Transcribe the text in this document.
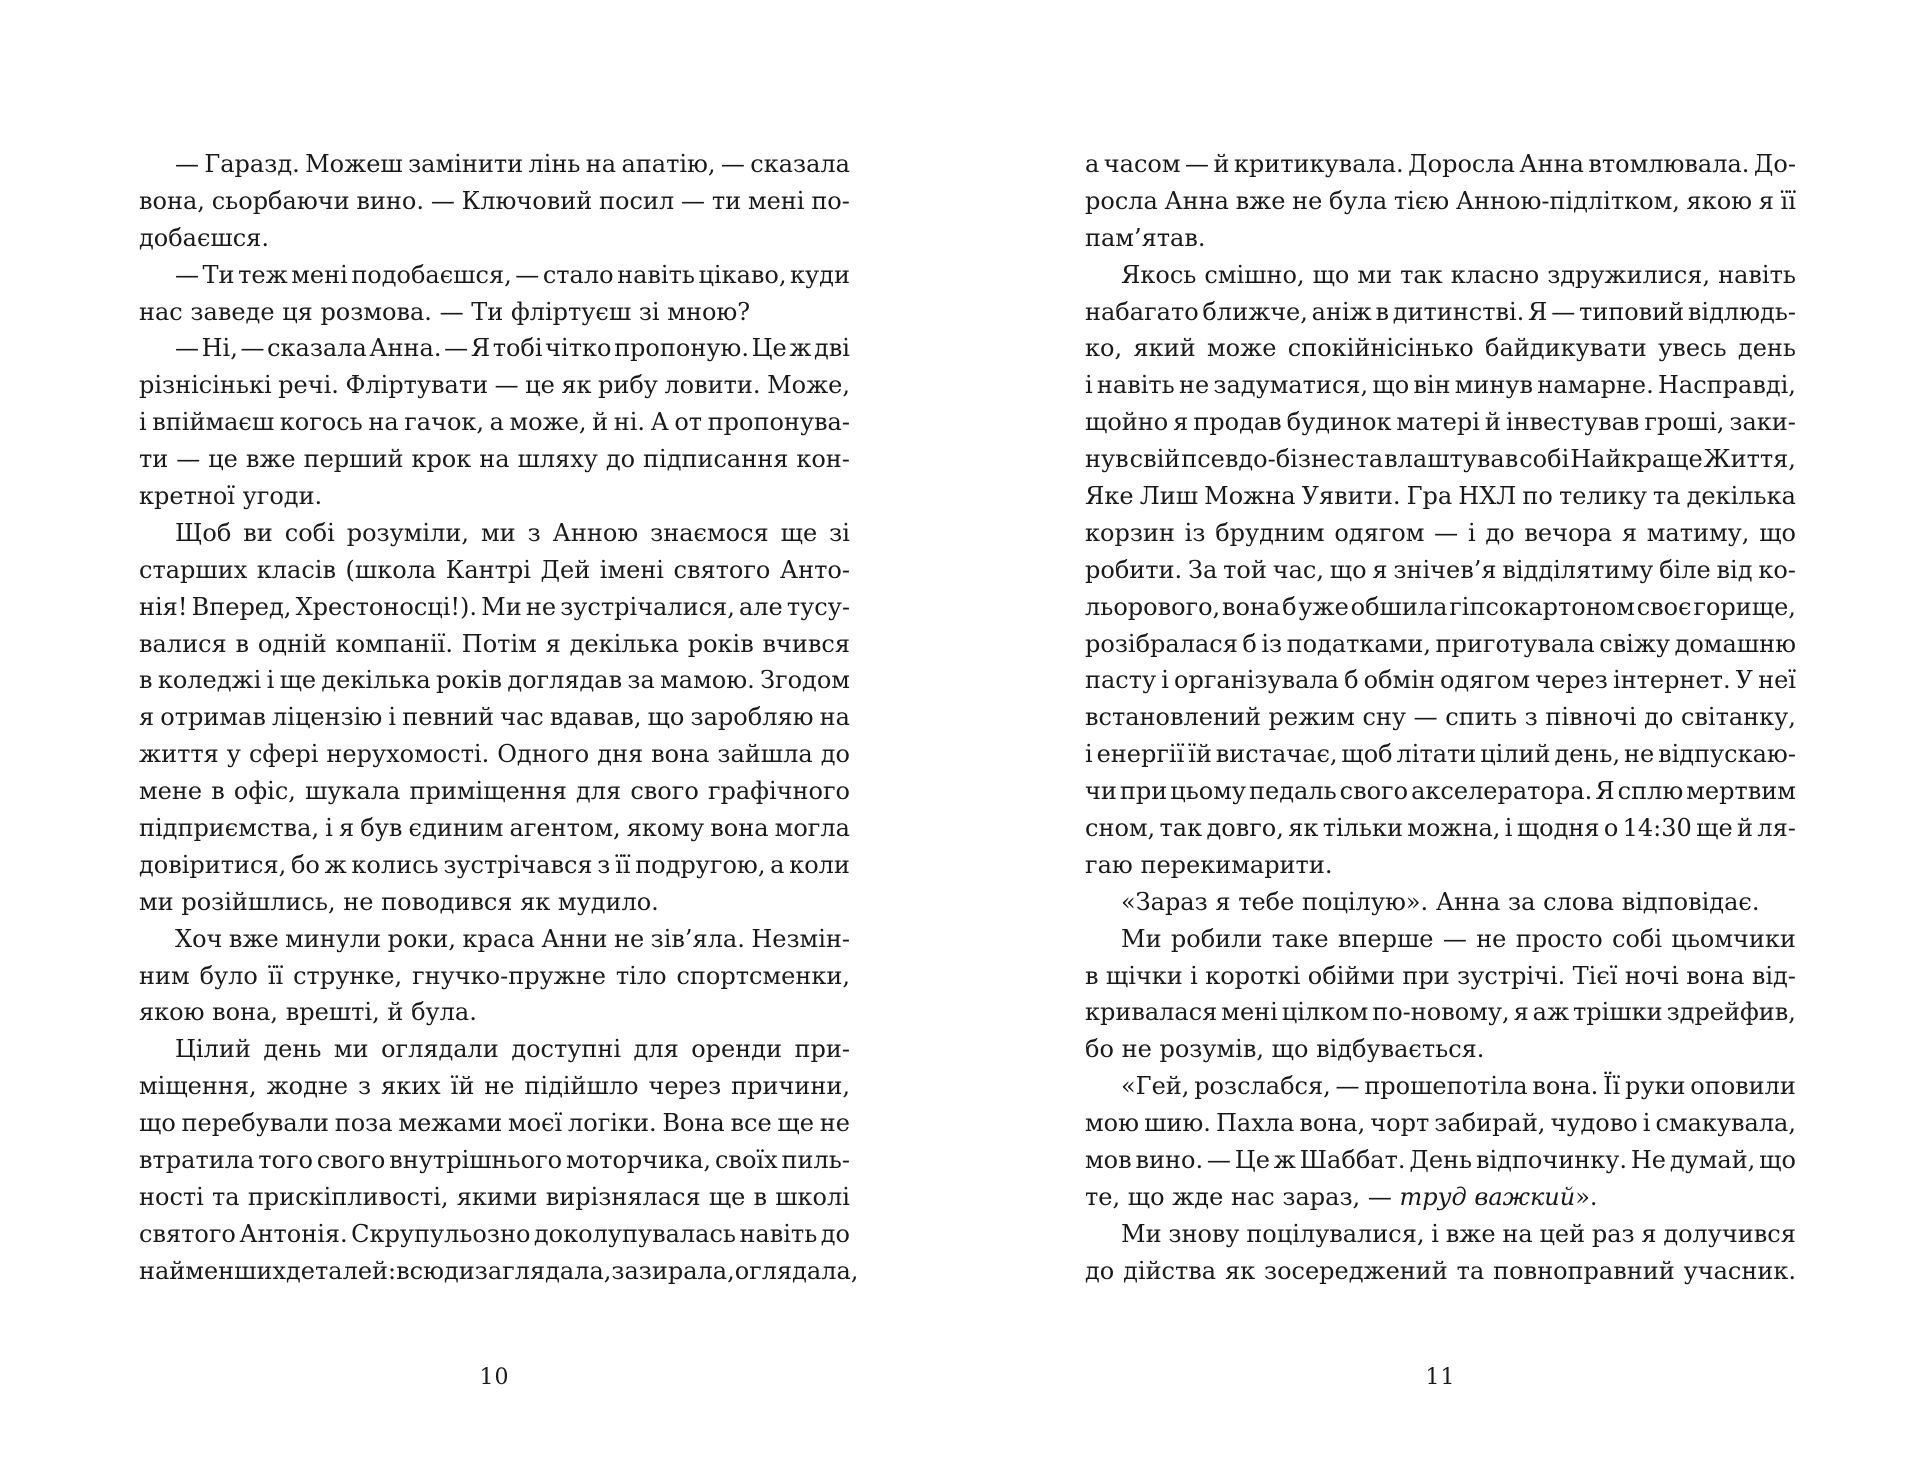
— Гаразд. Можеш замінити лінь на апатію, — сказала
вона, сьорбаючи вино. — Ключовий посил — ти мені по-
добаєшся.
— Ти теж мені подобаєшся, — стало навіть цікаво, куди
нас заведе ця розмова. — Ти фліртуєш зі мною?
— Ні, — сказала Анна. — Я тобі чітко пропоную. Це ж дві
різнісінькі речі. Фліртувати — це як рибу ловити. Може,
і впіймаєш когось на гачок, а може, й ні. А от пропонува-
ти — це вже перший крок на шляху до підписання кон-
кретної угоди.
Щоб ви собі розуміли, ми з Анною знаємося ще зі
старших класів (школа Кантрі Дей імені святого Анто-
нія! Вперед, Хрестоносці!). Ми не зустрічалися, але тусу-
валися в одній компанії. Потім я декілька років вчився
в коледжі і ще декілька років доглядав за мамою. Згодом
я отримав ліцензію і певний час вдавав, що заробляю на
життя у сфері нерухомості. Одного дня вона зайшла до
мене в офіс, шукала приміщення для свого графічного
підприємства, і я був єдиним агентом, якому вона могла
довіритися, бо ж колись зустрічався з її подругою, а коли
ми розійшлись, не поводився як мудило.
Хоч вже минули роки, краса Анни не зів’яла. Незмін-
ним було її струнке, гнучко-пружне тіло спортсменки,
якою вона, врешті, й була.
Цілий день ми оглядали доступні для оренди при-
міщення, жодне з яких їй не підійшло через причини,
що перебували поза межами моєї логіки. Вона все ще не
втратила того свого внутрішнього моторчика, своїх пиль-
ності та прискіпливості, якими вирізнялася ще в школі
святого Антонія. Скрупульозно доколупувалась навіть до
найменших деталей: всюди заглядала, зазирала, оглядала,
10
а часом — й критикувала. Доросла Анна втомлювала. До-
росла Анна вже не була тією Анною-підлітком, якою я її
пам’ятав.
Якось смішно, що ми так класно здружилися, навіть
набагато ближче, аніж в дитинстві. Я — типовий відлюдь-
ко, який може спокійнісінько байдикувати увесь день
і навіть не задуматися, що він минув намарне. Насправді,
щойно я продав будинок матері й інвестував гроші, заки-
нув свій псевдо-бізнес та влаштував собі Найкраще Життя,
Яке Лиш Можна Уявити. Гра НХЛ по телику та декілька
корзин із брудним одягом — і до вечора я матиму, що
робити. За той час, що я знічев’я відділятиму біле від ко-
льорового, вона б уже обшила гіпсокартоном своє горище,
розібралася б із податками, приготувала свіжу домашню
пасту і організувала б обмін одягом через інтернет. У неї
встановлений режим сну — спить з півночі до світанку,
і енергії їй вистачає, щоб літати цілий день, не відпускаю-
чи при цьому педаль свого акселератора. Я сплю мертвим
сном, так довго, як тільки можна, і щодня о 14:30 ще й ля-
гаю перекимарити.
«Зараз я тебе поцілую». Анна за слова відповідає.
Ми робили таке вперше — не просто собі цьомчики
в щічки і короткі обійми при зустрічі. Тієї ночі вона від-
кривалася мені цілком по-новому, я аж трішки здрейфив,
бо не розумів, що відбувається.
«Гей, розслабся, — прошепотіла вона. Її руки оповили
мою шию. Пахла вона, чорт забирай, чудово і смакувала,
мов вино. — Це ж Шаббат. День відпочинку. Не думай, що
те, що жде нас зараз, — труд важкий ».
Ми знову поцілувалися, і вже на цей раз я долучився
до дійства як зосереджений та повноправний учасник.
11
